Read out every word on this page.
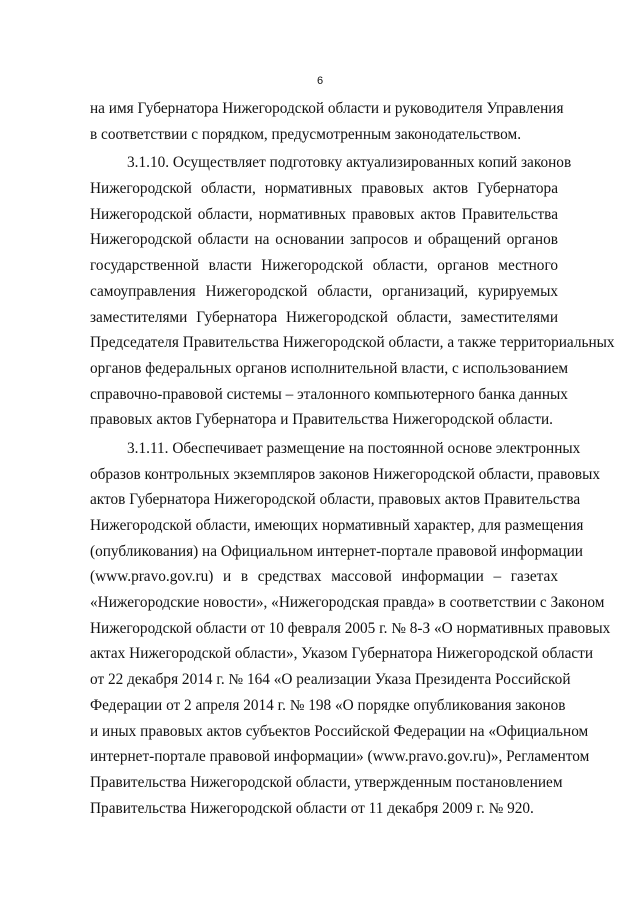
6
на имя Губернатора Нижегородской области и руководителя Управления
в соответствии с порядком, предусмотренным законодательством.
3.1.10. Осуществляет подготовку актуализированных копий законов
Нижегородской области, нормативных правовых актов Губернатора
Нижегородской области, нормативных правовых актов Правительства
Нижегородской области на основании запросов и обращений органов
государственной власти Нижегородской области, органов местного
самоуправления Нижегородской области, организаций, курируемых
заместителями Губернатора Нижегородской области, заместителями
Председателя Правительства Нижегородской области, а также территориальных
органов федеральных органов исполнительной власти, с использованием
справочно-правовой системы – эталонного компьютерного банка данных
правовых актов Губернатора и Правительства Нижегородской области.
3.1.11. Обеспечивает размещение на постоянной основе электронных
образов контрольных экземпляров законов Нижегородской области, правовых
актов Губернатора Нижегородской области, правовых актов Правительства
Нижегородской области, имеющих нормативный характер, для размещения
(опубликования) на Официальном интернет-портале правовой информации
(www.pravo.gov.ru) и в средствах массовой информации – газетах
«Нижегородские новости», «Нижегородская правда» в соответствии с Законом
Нижегородской области от 10 февраля 2005 г. № 8-З «О нормативных правовых
актах Нижегородской области», Указом Губернатора Нижегородской области
от 22 декабря 2014 г. № 164 «О реализации Указа Президента Российской
Федерации от 2 апреля 2014 г. № 198 «О порядке опубликования законов
и иных правовых актов субъектов Российской Федерации на «Официальном
интернет-портале правовой информации» (www.pravo.gov.ru)», Регламентом
Правительства Нижегородской области, утвержденным постановлением
Правительства Нижегородской области от 11 декабря 2009 г. № 920.
